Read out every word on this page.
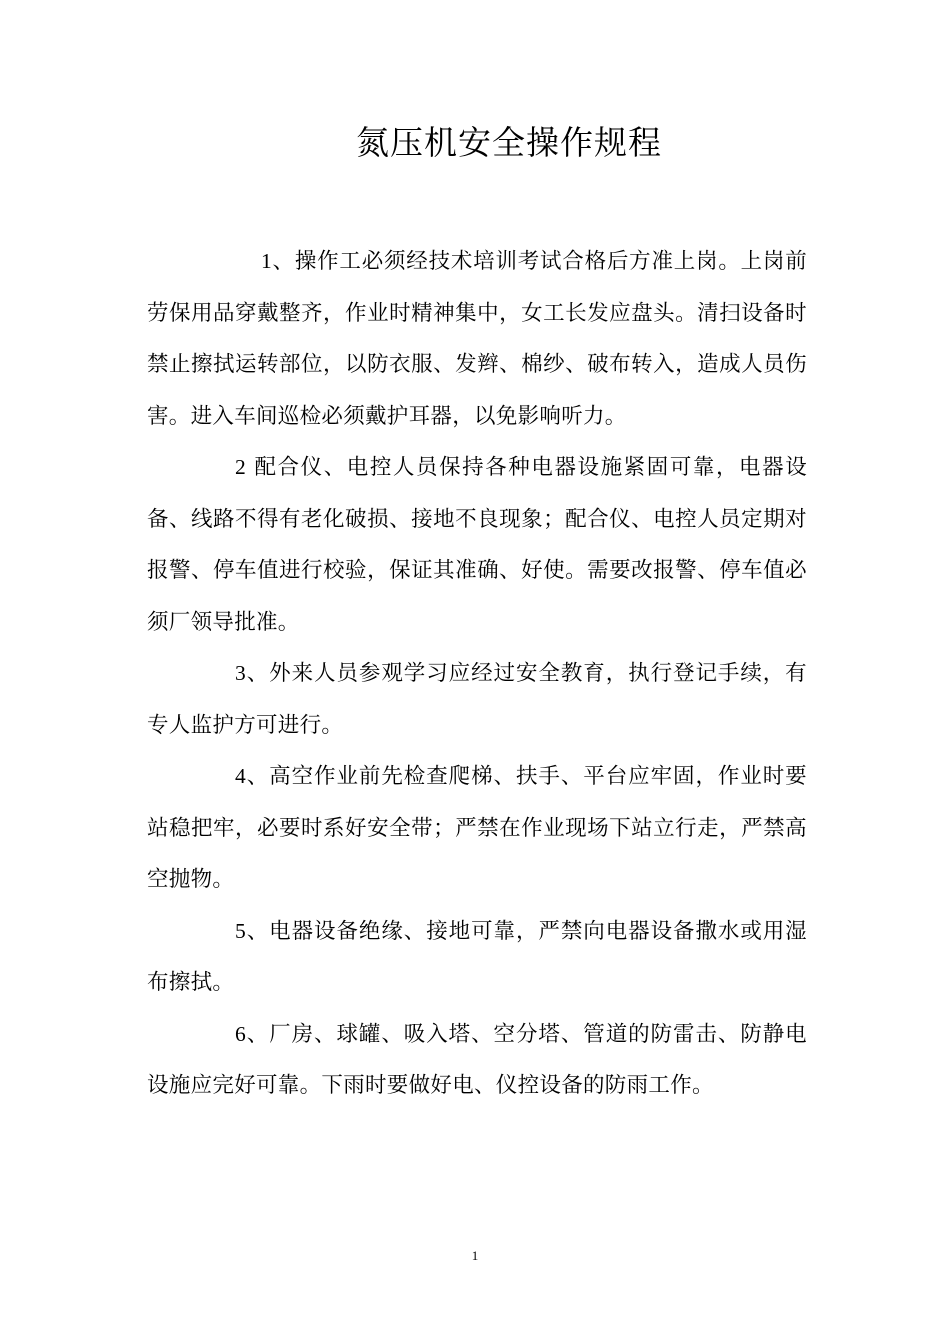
氮压机安全操作规程

1、操作工必须经技术培训考试合格后方准上岗。上岗前劳保用品穿戴整齐，作业时精神集中，女工长发应盘头。清扫设备时禁止擦拭运转部位，以防衣服、发辫、棉纱、破布转入，造成人员伤害。进入车间巡检必须戴护耳器，以免影响听力。

2 配合仪、电控人员保持各种电器设施紧固可靠，电器设备、线路不得有老化破损、接地不良现象；配合仪、电控人员定期对报警、停车值进行校验，保证其准确、好使。需要改报警、停车值必须厂领导批准。

3、外来人员参观学习应经过安全教育，执行登记手续，有专人监护方可进行。

4、高空作业前先检查爬梯、扶手、平台应牢固，作业时要站稳把牢，必要时系好安全带；严禁在作业现场下站立行走，严禁高空抛物。

5、电器设备绝缘、接地可靠，严禁向电器设备撒水或用湿布擦拭。

6、厂房、球罐、吸入塔、空分塔、管道的防雷击、防静电设施应完好可靠。下雨时要做好电、仪控设备的防雨工作。

1
